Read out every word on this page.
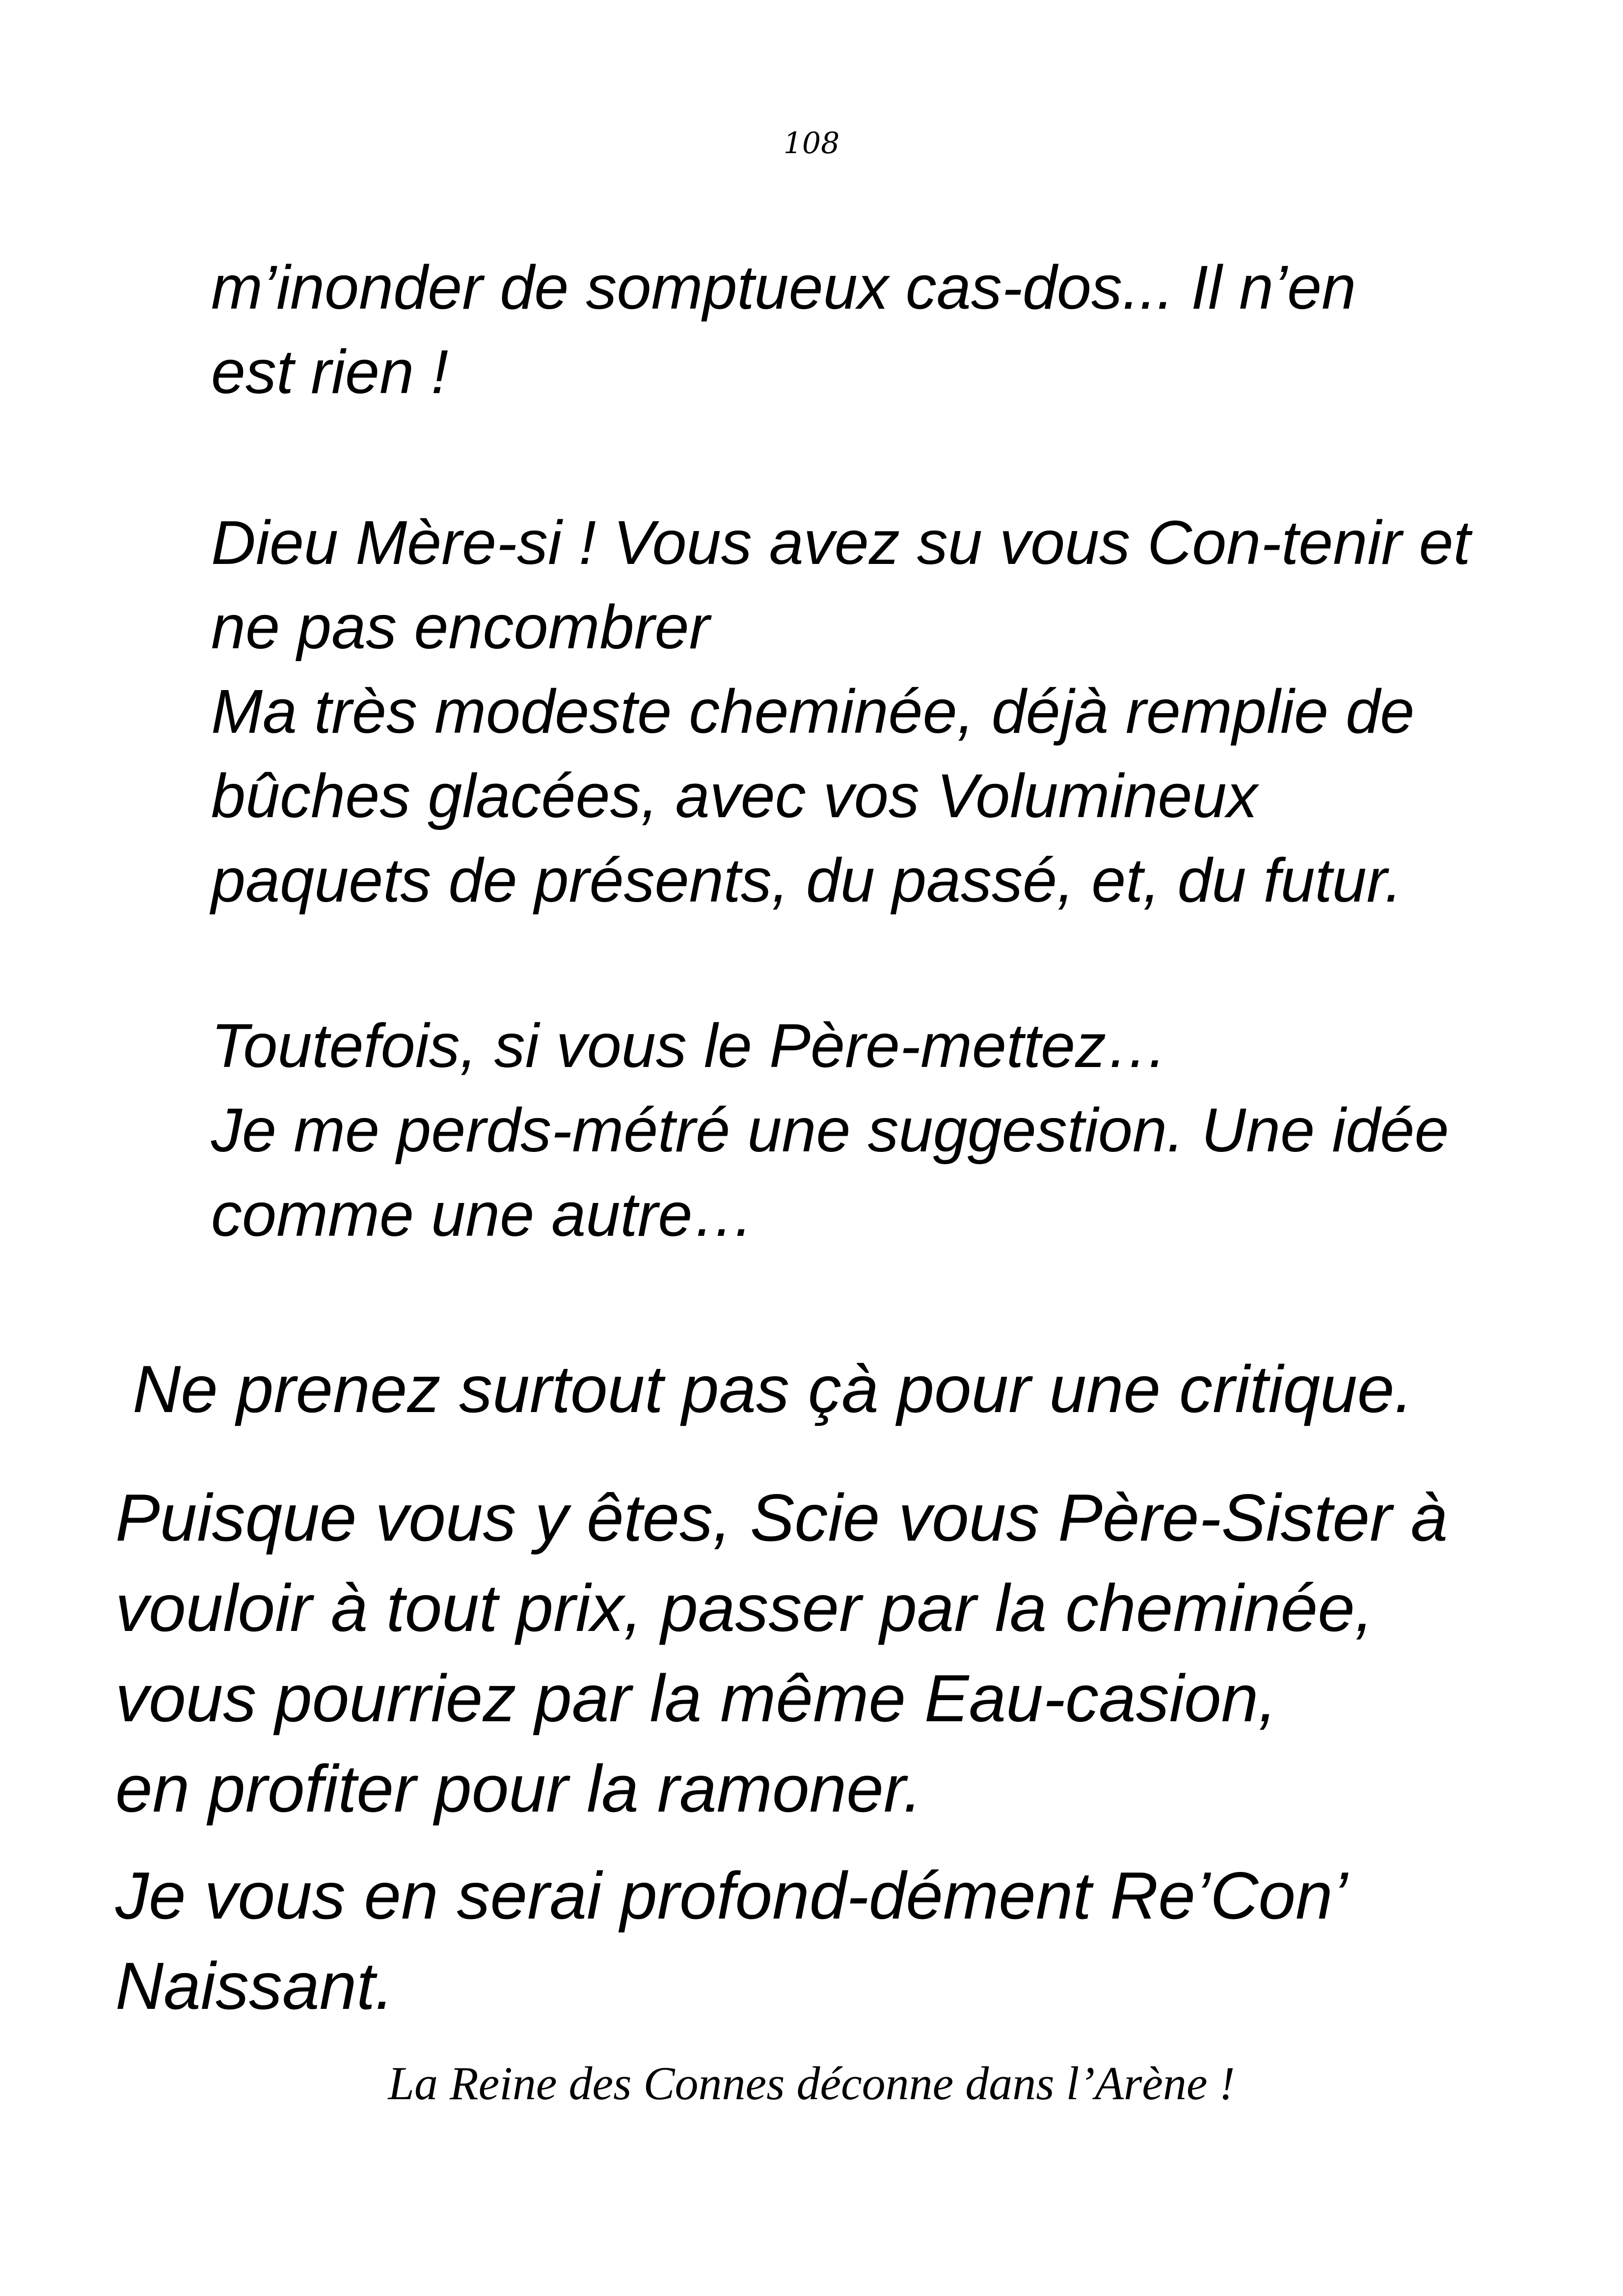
108
m’inonder de somptueux cas-dos... Il n’en
est rien !
Dieu Mère-si ! Vous avez su vous Con-tenir et
ne pas encombrer
Ma très modeste cheminée, déjà remplie de
bûches glacées, avec vos Volumineux
paquets de présents, du passé, et, du futur.
Toutefois, si vous le Père-mettez…
Je me perds-métré une suggestion. Une idée
comme une autre…
Ne prenez surtout pas çà pour une critique.
Puisque vous y êtes, Scie vous Père-Sister à
vouloir à tout prix, passer par la cheminée,
vous pourriez par la même Eau-casion,
en profiter pour la ramoner.
Je vous en serai profond-dément Re’Con’
Naissant.
La Reine des Connes déconne dans l’Arène !
